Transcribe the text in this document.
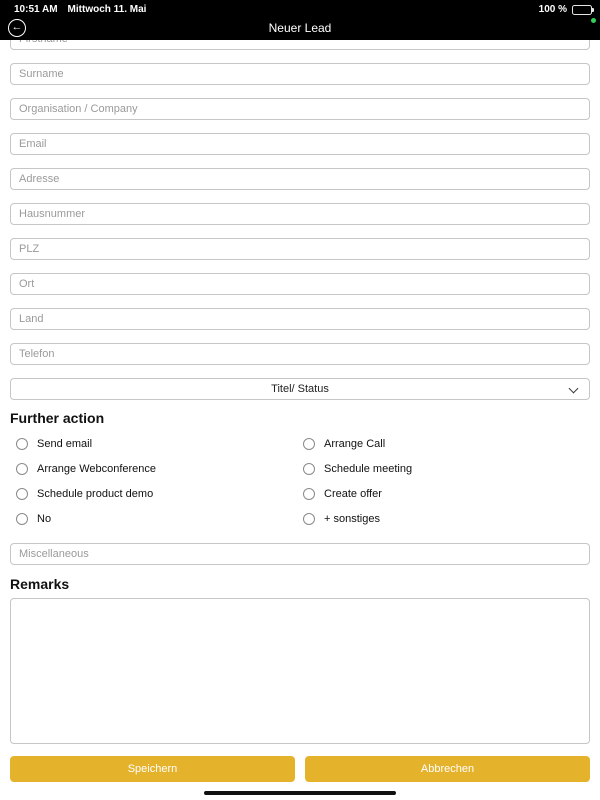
10:51 AM Mittwoch 11. Mai	100 %
←	Neuer Lead
Firstname
Surname
Organisation / Company
Email
Adresse
Hausnummer
PLZ
Ort
Land
Telefon
Titel/ Status
Further action
Send email	Arrange Call
Arrange Webconference	Schedule meeting
Schedule product demo	Create offer
No	+ sonstiges
Miscellaneous
Remarks
Speichern	Abbrechen
